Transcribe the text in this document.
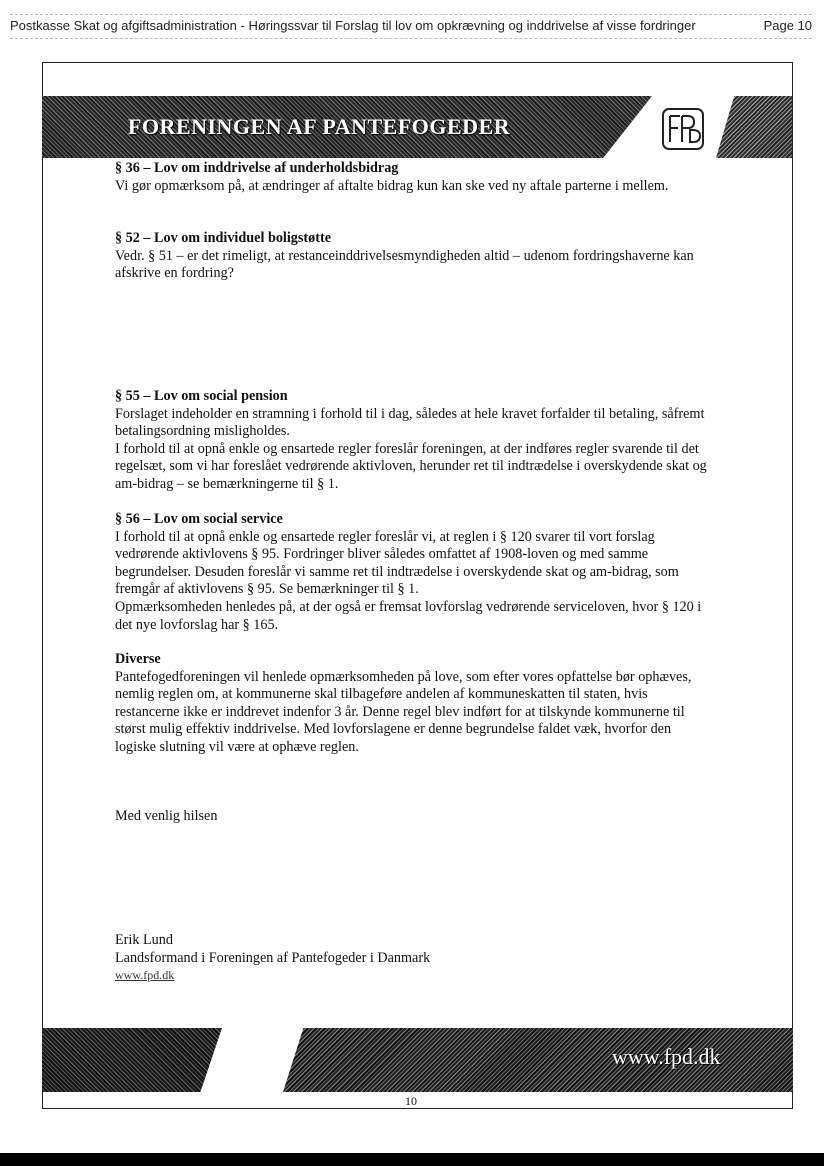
Postkasse Skat og afgiftsadministration - Høringssvar til Forslag til lov om opkrævning og inddrivelse af visse fordringer	Page 10
FORENINGEN AF PANTEFOGEDER
§ 36 – Lov om inddrivelse af underholdsbidrag

Vi gør opmærksom på, at ændringer af aftalte bidrag kun kan ske ved ny aftale parterne i mellem.

§ 52 – Lov om individuel boligstøtte

Vedr. § 51 – er det rimeligt, at restanceinddrivelsesmyndigheden altid – udenom fordringshaverne kan afskrive en fordring?

§ 55 – Lov om social pension

Forslaget indeholder en stramning i forhold til i dag, således at hele kravet forfalder til betaling, såfremt betalingsordning misligholdes.

I forhold til at opnå enkle og ensartede regler foreslår foreningen, at der indføres regler svarende til det regelsæt, som vi har foreslået vedrørende aktivloven, herunder ret til indtrædelse i overskydende skat og am-bidrag – se bemærkningerne til § 1.

§ 56 – Lov om social service

I forhold til at opnå enkle og ensartede regler foreslår vi, at reglen i § 120 svarer til vort forslag vedrørende aktivlovens § 95. Fordringer bliver således omfattet af 1908-loven og med samme begrundelser. Desuden foreslår vi samme ret til indtrædelse i overskydende skat og am-bidrag, som fremgår af aktivlovens § 95. Se bemærkninger til § 1.

Opmærksomheden henledes på, at der også er fremsat lovforslag vedrørende serviceloven, hvor § 120 i det nye lovforslag har § 165.

Diverse

Pantefogedforeningen vil henlede opmærksomheden på love, som efter vores opfattelse bør ophæves, nemlig reglen om, at kommunerne skal tilbageføre andelen af kommuneskatten til staten, hvis restancerne ikke er inddrevet indenfor 3 år. Denne regel blev indført for at tilskynde kommunerne til størst mulig effektiv inddrivelse. Med lovforslagene er denne begrundelse faldet væk, hvorfor den logiske slutning vil være at ophæve reglen.

Med venlig hilsen
Erik Lund
Landsformand i Foreningen af Pantefogeder i Danmark
www.fpd.dk
www.fpd.dk
10
